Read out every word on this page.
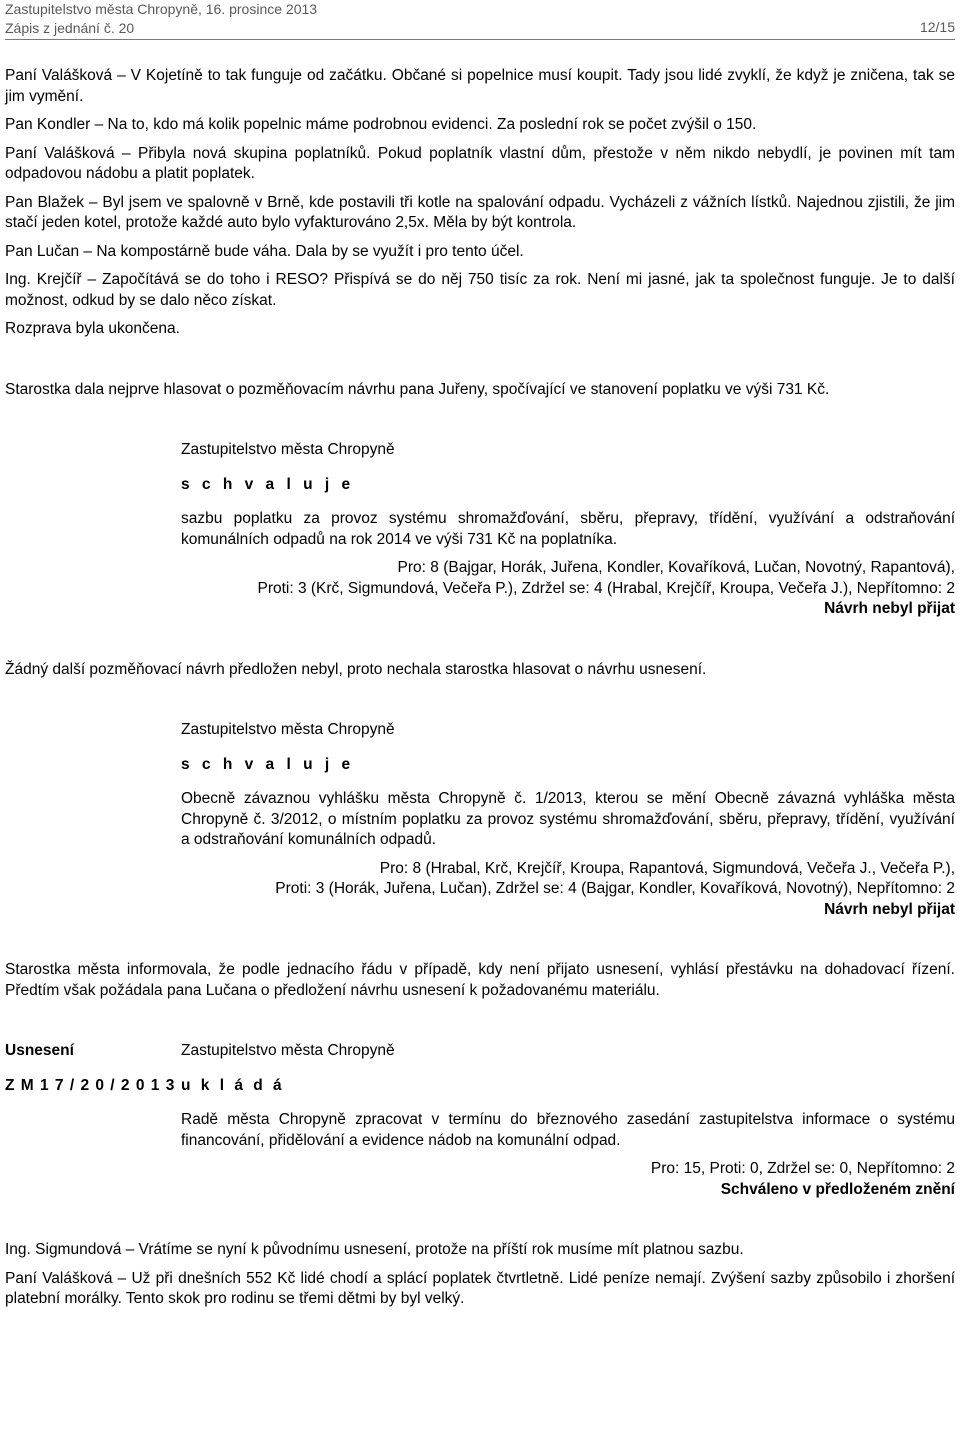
Zastupitelstvo města Chropyně, 16. prosince 2013
Zápis z jednání č. 20	12/15

Paní Valášková – V Kojetíně to tak funguje od začátku. Občané si popelnice musí koupit. Tady jsou lidé zvyklí, že když je zničena, tak se jim vymění.

Pan Kondler – Na to, kdo má kolik popelnic máme podrobnou evidenci. Za poslední rok se počet zvýšil o 150.

Paní Valášková – Přibyla nová skupina poplatníků. Pokud poplatník vlastní dům, přestože v něm nikdo nebydlí, je povinen mít tam odpadovou nádobu a platit poplatek.

Pan Blažek – Byl jsem ve spalovně v Brně, kde postavili tři kotle na spalování odpadu. Vycházeli z vážních lístků. Najednou zjistili, že jim stačí jeden kotel, protože každé auto bylo vyfakturováno 2,5x. Měla by být kontrola.

Pan Lučan – Na kompostárně bude váha. Dala by se využít i pro tento účel.

Ing. Krejčíř – Započítává se do toho i RESO? Přispívá se do něj 750 tisíc za rok. Není mi jasné, jak ta společnost funguje. Je to další možnost, odkud by se dalo něco získat.

Rozprava byla ukončena.

Starostka dala nejprve hlasovat o pozměňovacím návrhu pana Juřeny, spočívající ve stanovení poplatku ve výši 731 Kč.

Zastupitelstvo města Chropyně

s c h v a l u j e

sazbu poplatku za provoz systému shromažďování, sběru, přepravy, třídění, využívání a odstraňování komunálních odpadů na rok 2014 ve výši 731 Kč na poplatníka.

Pro: 8 (Bajgar, Horák, Juřena, Kondler, Kovaříková, Lučan, Novotný, Rapantová),

Proti: 3 (Krč, Sigmundová, Večeřa P.), Zdržel se: 4 (Hrabal, Krejčíř, Kroupa, Večeřa J.), Nepřítomno: 2

Návrh nebyl přijat

Žádný další pozměňovací návrh předložen nebyl, proto nechala starostka hlasovat o návrhu usnesení.

Zastupitelstvo města Chropyně

s c h v a l u j e

Obecně závaznou vyhlášku města Chropyně č. 1/2013, kterou se mění Obecně závazná vyhláška města Chropyně č. 3/2012, o místním poplatku za provoz systému shromažďování, sběru, přepravy, třídění, využívání a odstraňování komunálních odpadů.

Pro: 8 (Hrabal, Krč, Krejčíř, Kroupa, Rapantová, Sigmundová, Večeřa J., Večeřa P.),

Proti: 3 (Horák, Juřena, Lučan), Zdržel se: 4 (Bajgar, Kondler, Kovaříková, Novotný), Nepřítomno: 2

Návrh nebyl přijat

Starostka města informovala, že podle jednacího řádu v případě, kdy není přijato usnesení, vyhlásí přestávku na dohadovací řízení. Předtím však požádala pana Lučana o předložení návrhu usnesení k požadovanému materiálu.

Usnesení	Zastupitelstvo města Chropyně

Z M 1 7 / 2 0 / 2 0 1 3 u k l á d á

Radě města Chropyně zpracovat v termínu do březnového zasedání zastupitelstva informace o systému financování, přidělování a evidence nádob na komunální odpad.

Pro: 15, Proti: 0, Zdržel se: 0, Nepřítomno: 2

Schváleno v předloženém znění

Ing. Sigmundová – Vrátíme se nyní k původnímu usnesení, protože na příští rok musíme mít platnou sazbu.

Paní Valášková – Už při dnešních 552 Kč lidé chodí a splácí poplatek čtvrtletně. Lidé peníze nemají. Zvýšení sazby způsobilo i zhoršení platební morálky. Tento skok pro rodinu se třemi dětmi by byl velký.
